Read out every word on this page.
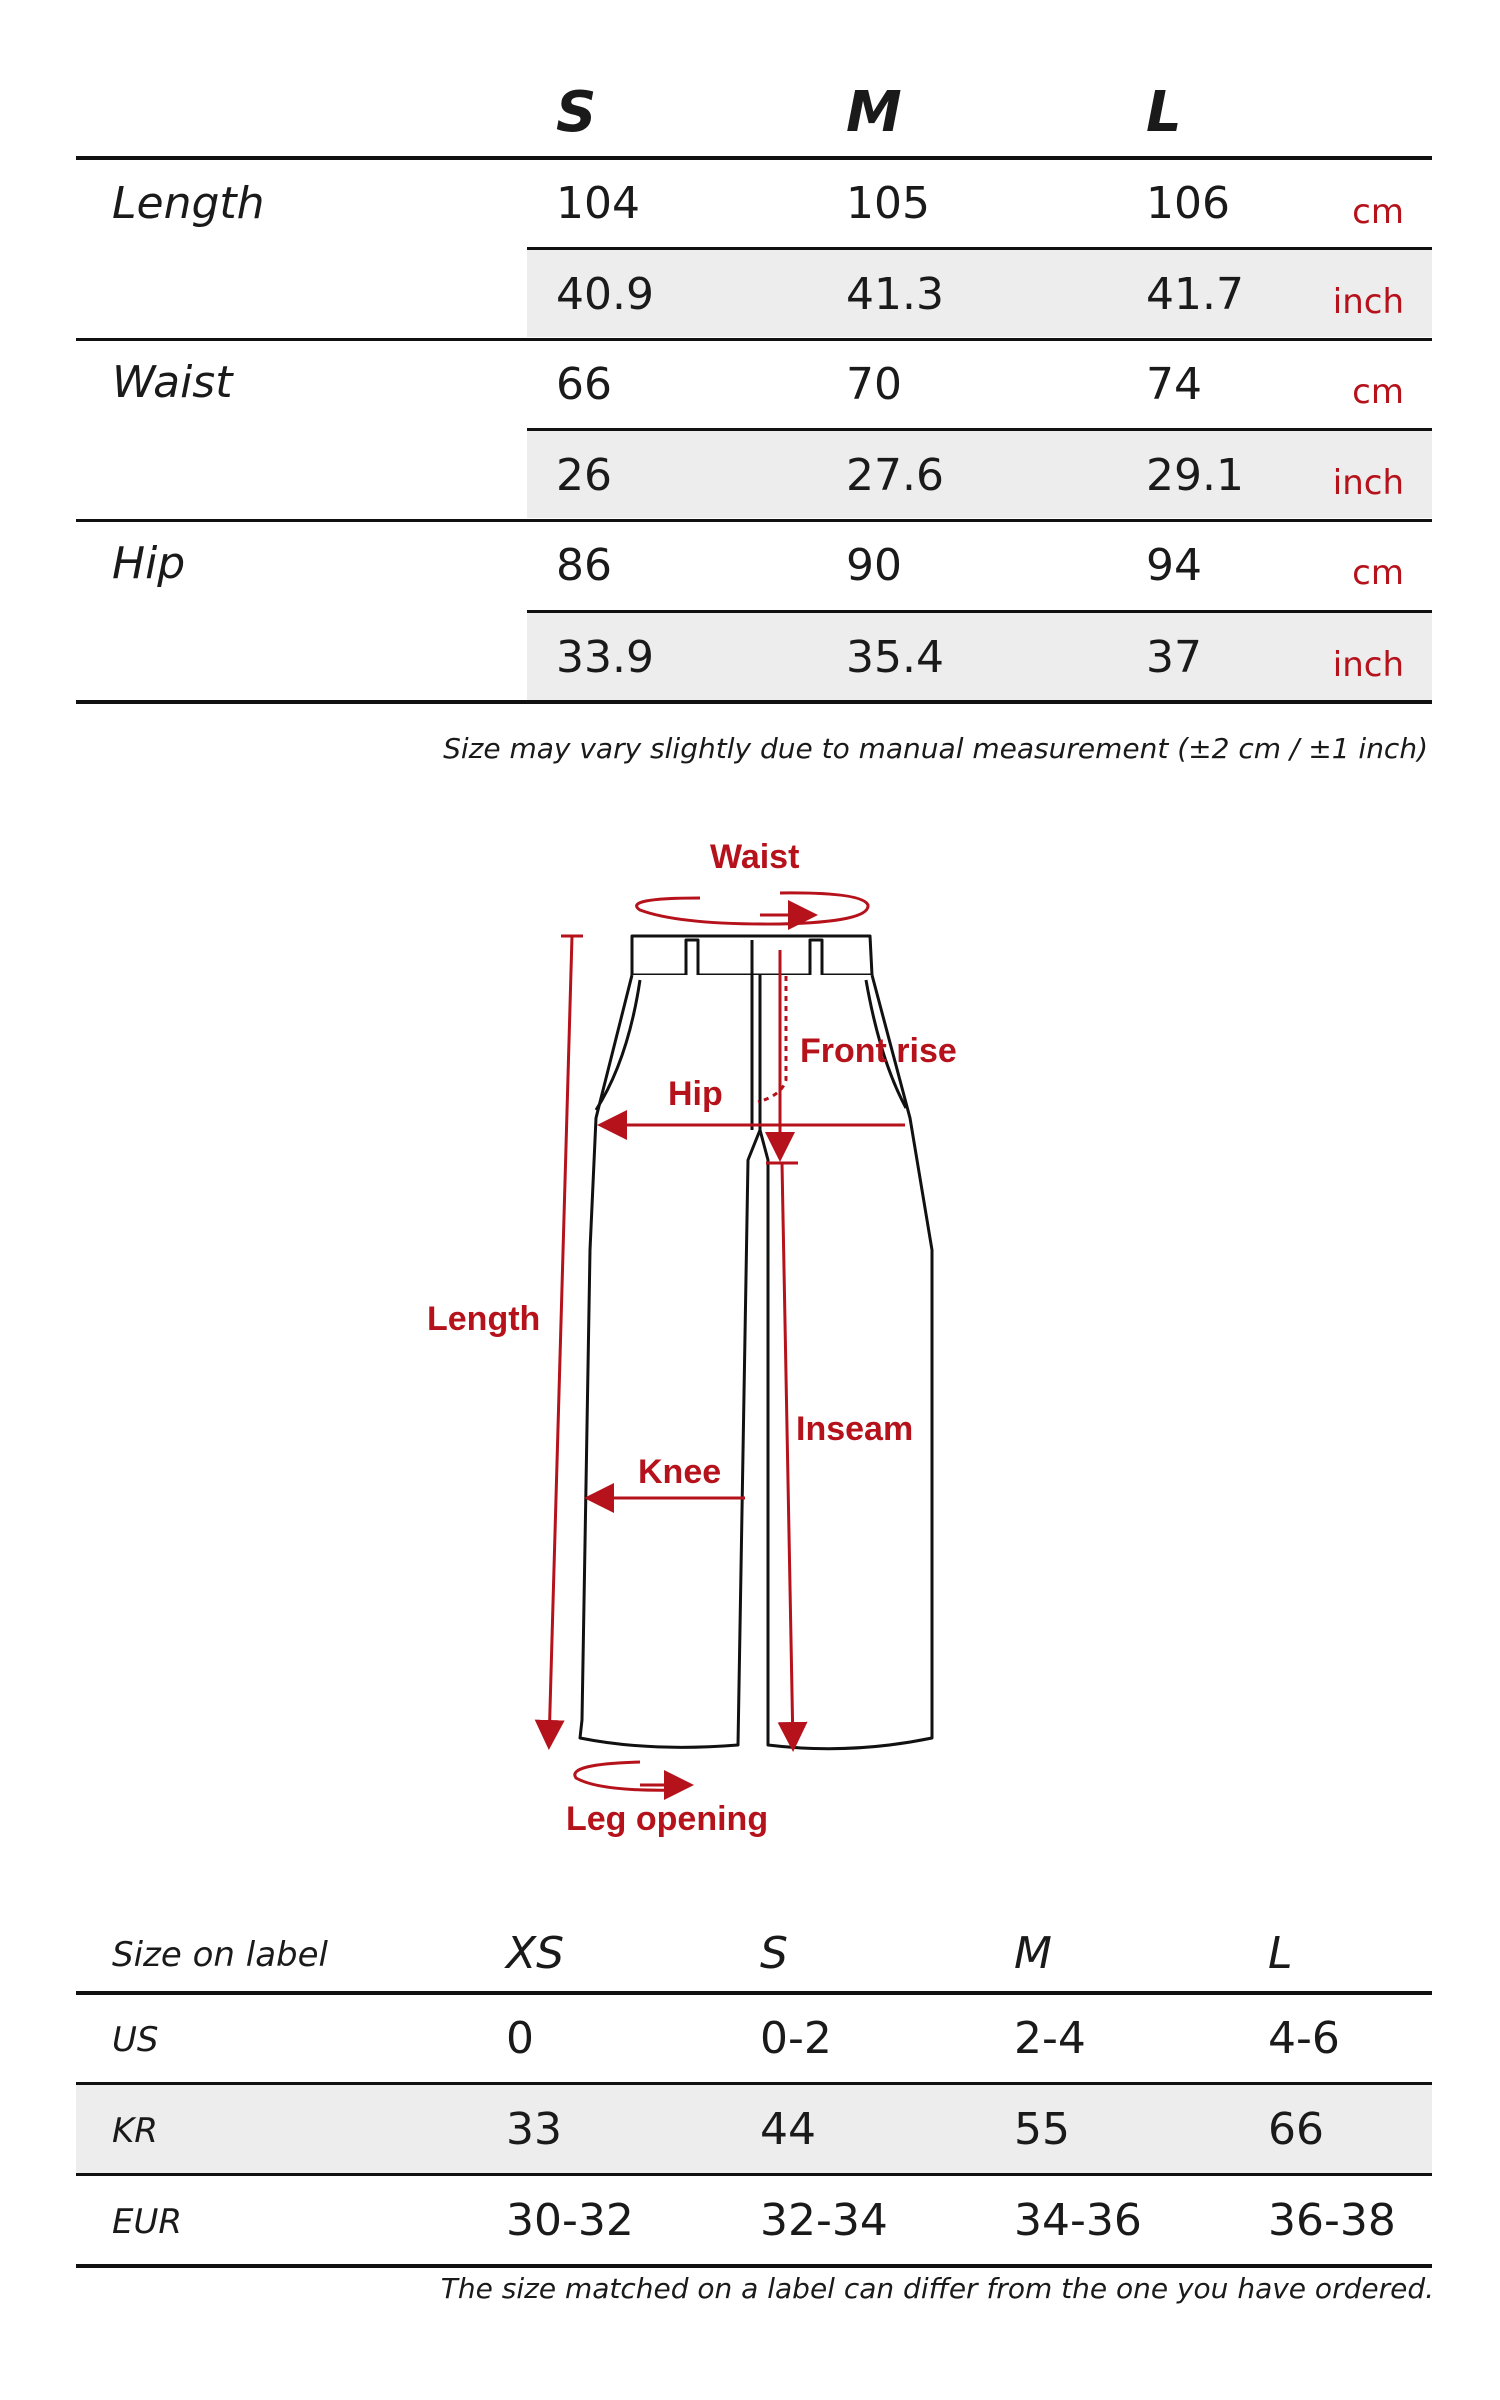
S	M	L
Length	104	105	106	cm
40.9	41.3	41.7	inch
Waist	66	70	74	cm
26	27.6	29.1	inch
Hip	86	90	94	cm
33.9	35.4	37	inch
Size may vary slightly due to manual measurement (±2 cm / ±1 inch)
Waist
Front rise
Hip
Length
Inseam
Knee
Leg opening
Size on label	XS	S	M	L
US	0	0-2	2-4	4-6
KR	33	44	55	66
EUR	30-32	32-34	34-36	36-38
The size matched on a label can differ from the one you have ordered.
